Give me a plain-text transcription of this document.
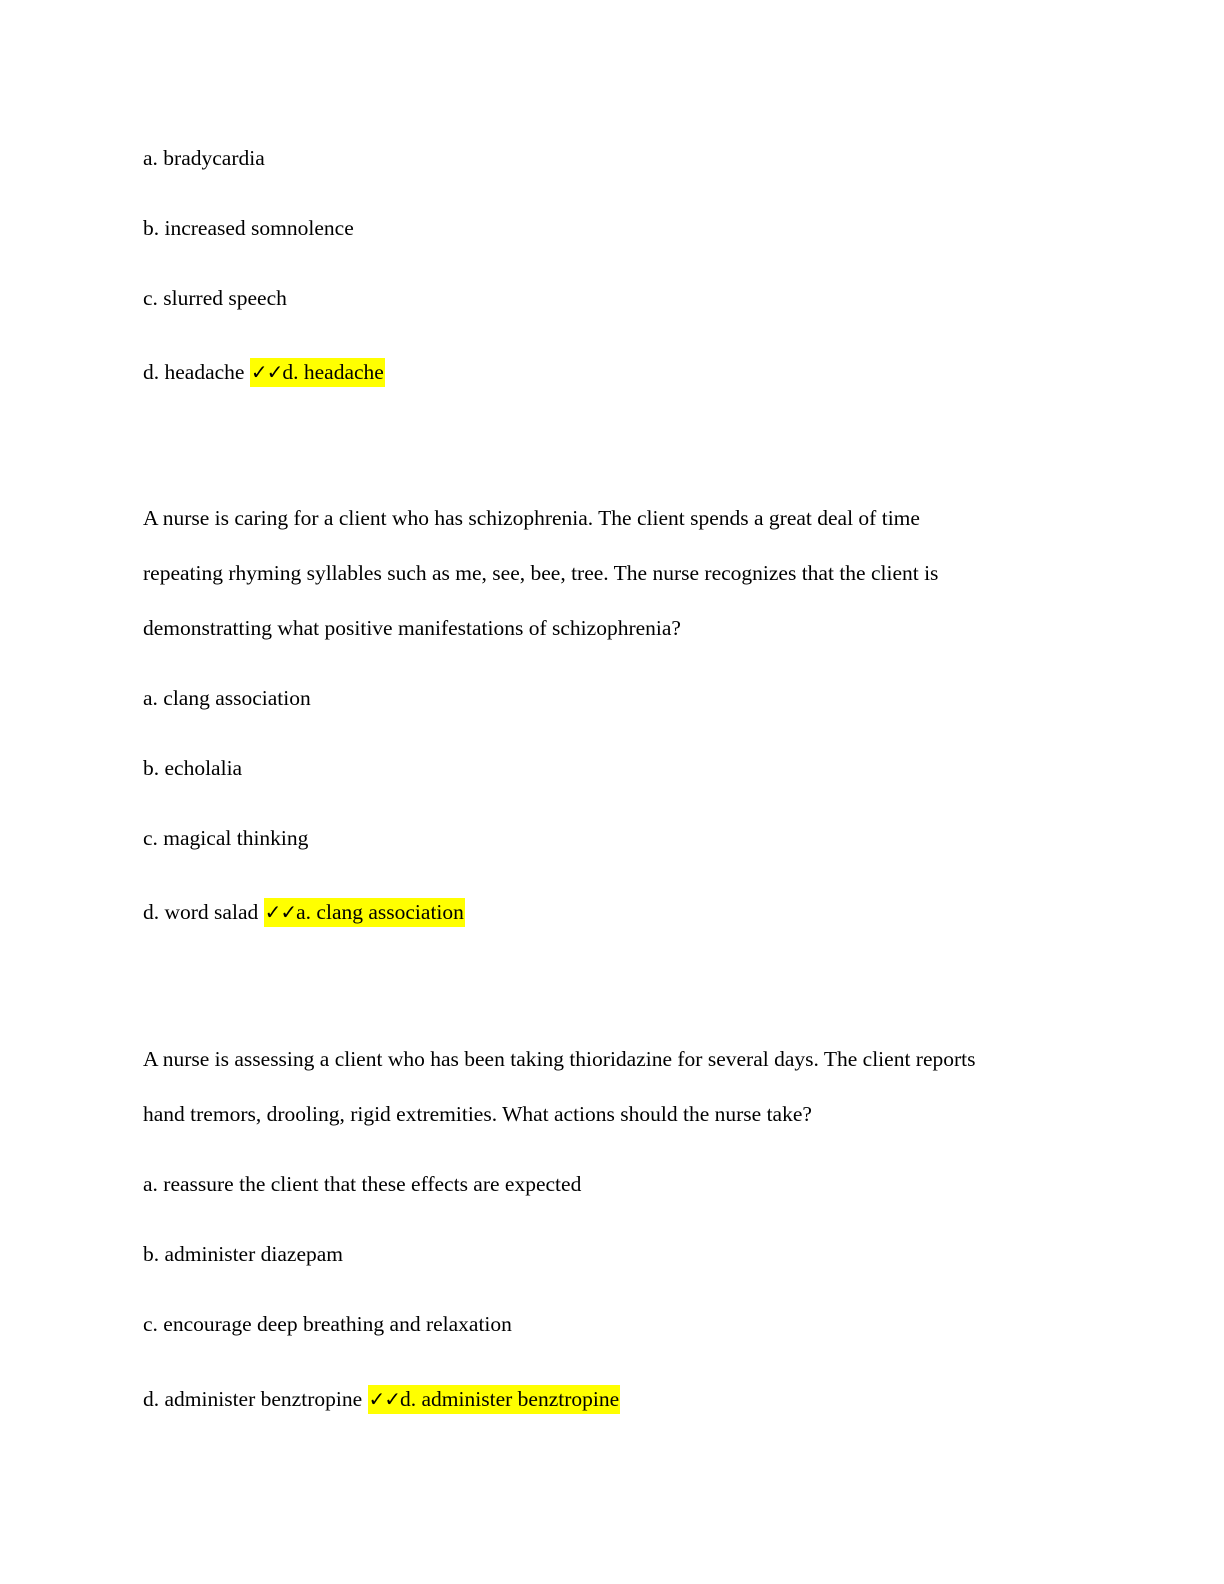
a. bradycardia
b. increased somnolence
c. slurred speech
d. headache ✓✓d. headache
A nurse is caring for a client who has schizophrenia. The client spends a great deal of time
repeating rhyming syllables such as me, see, bee, tree. The nurse recognizes that the client is
demonstratting what positive manifestations of schizophrenia?
a. clang association
b. echolalia
c. magical thinking
d. word salad ✓✓a. clang association
A nurse is assessing a client who has been taking thioridazine for several days. The client reports
hand tremors, drooling, rigid extremities. What actions should the nurse take?
a. reassure the client that these effects are expected
b. administer diazepam
c. encourage deep breathing and relaxation
d. administer benztropine ✓✓d. administer benztropine
